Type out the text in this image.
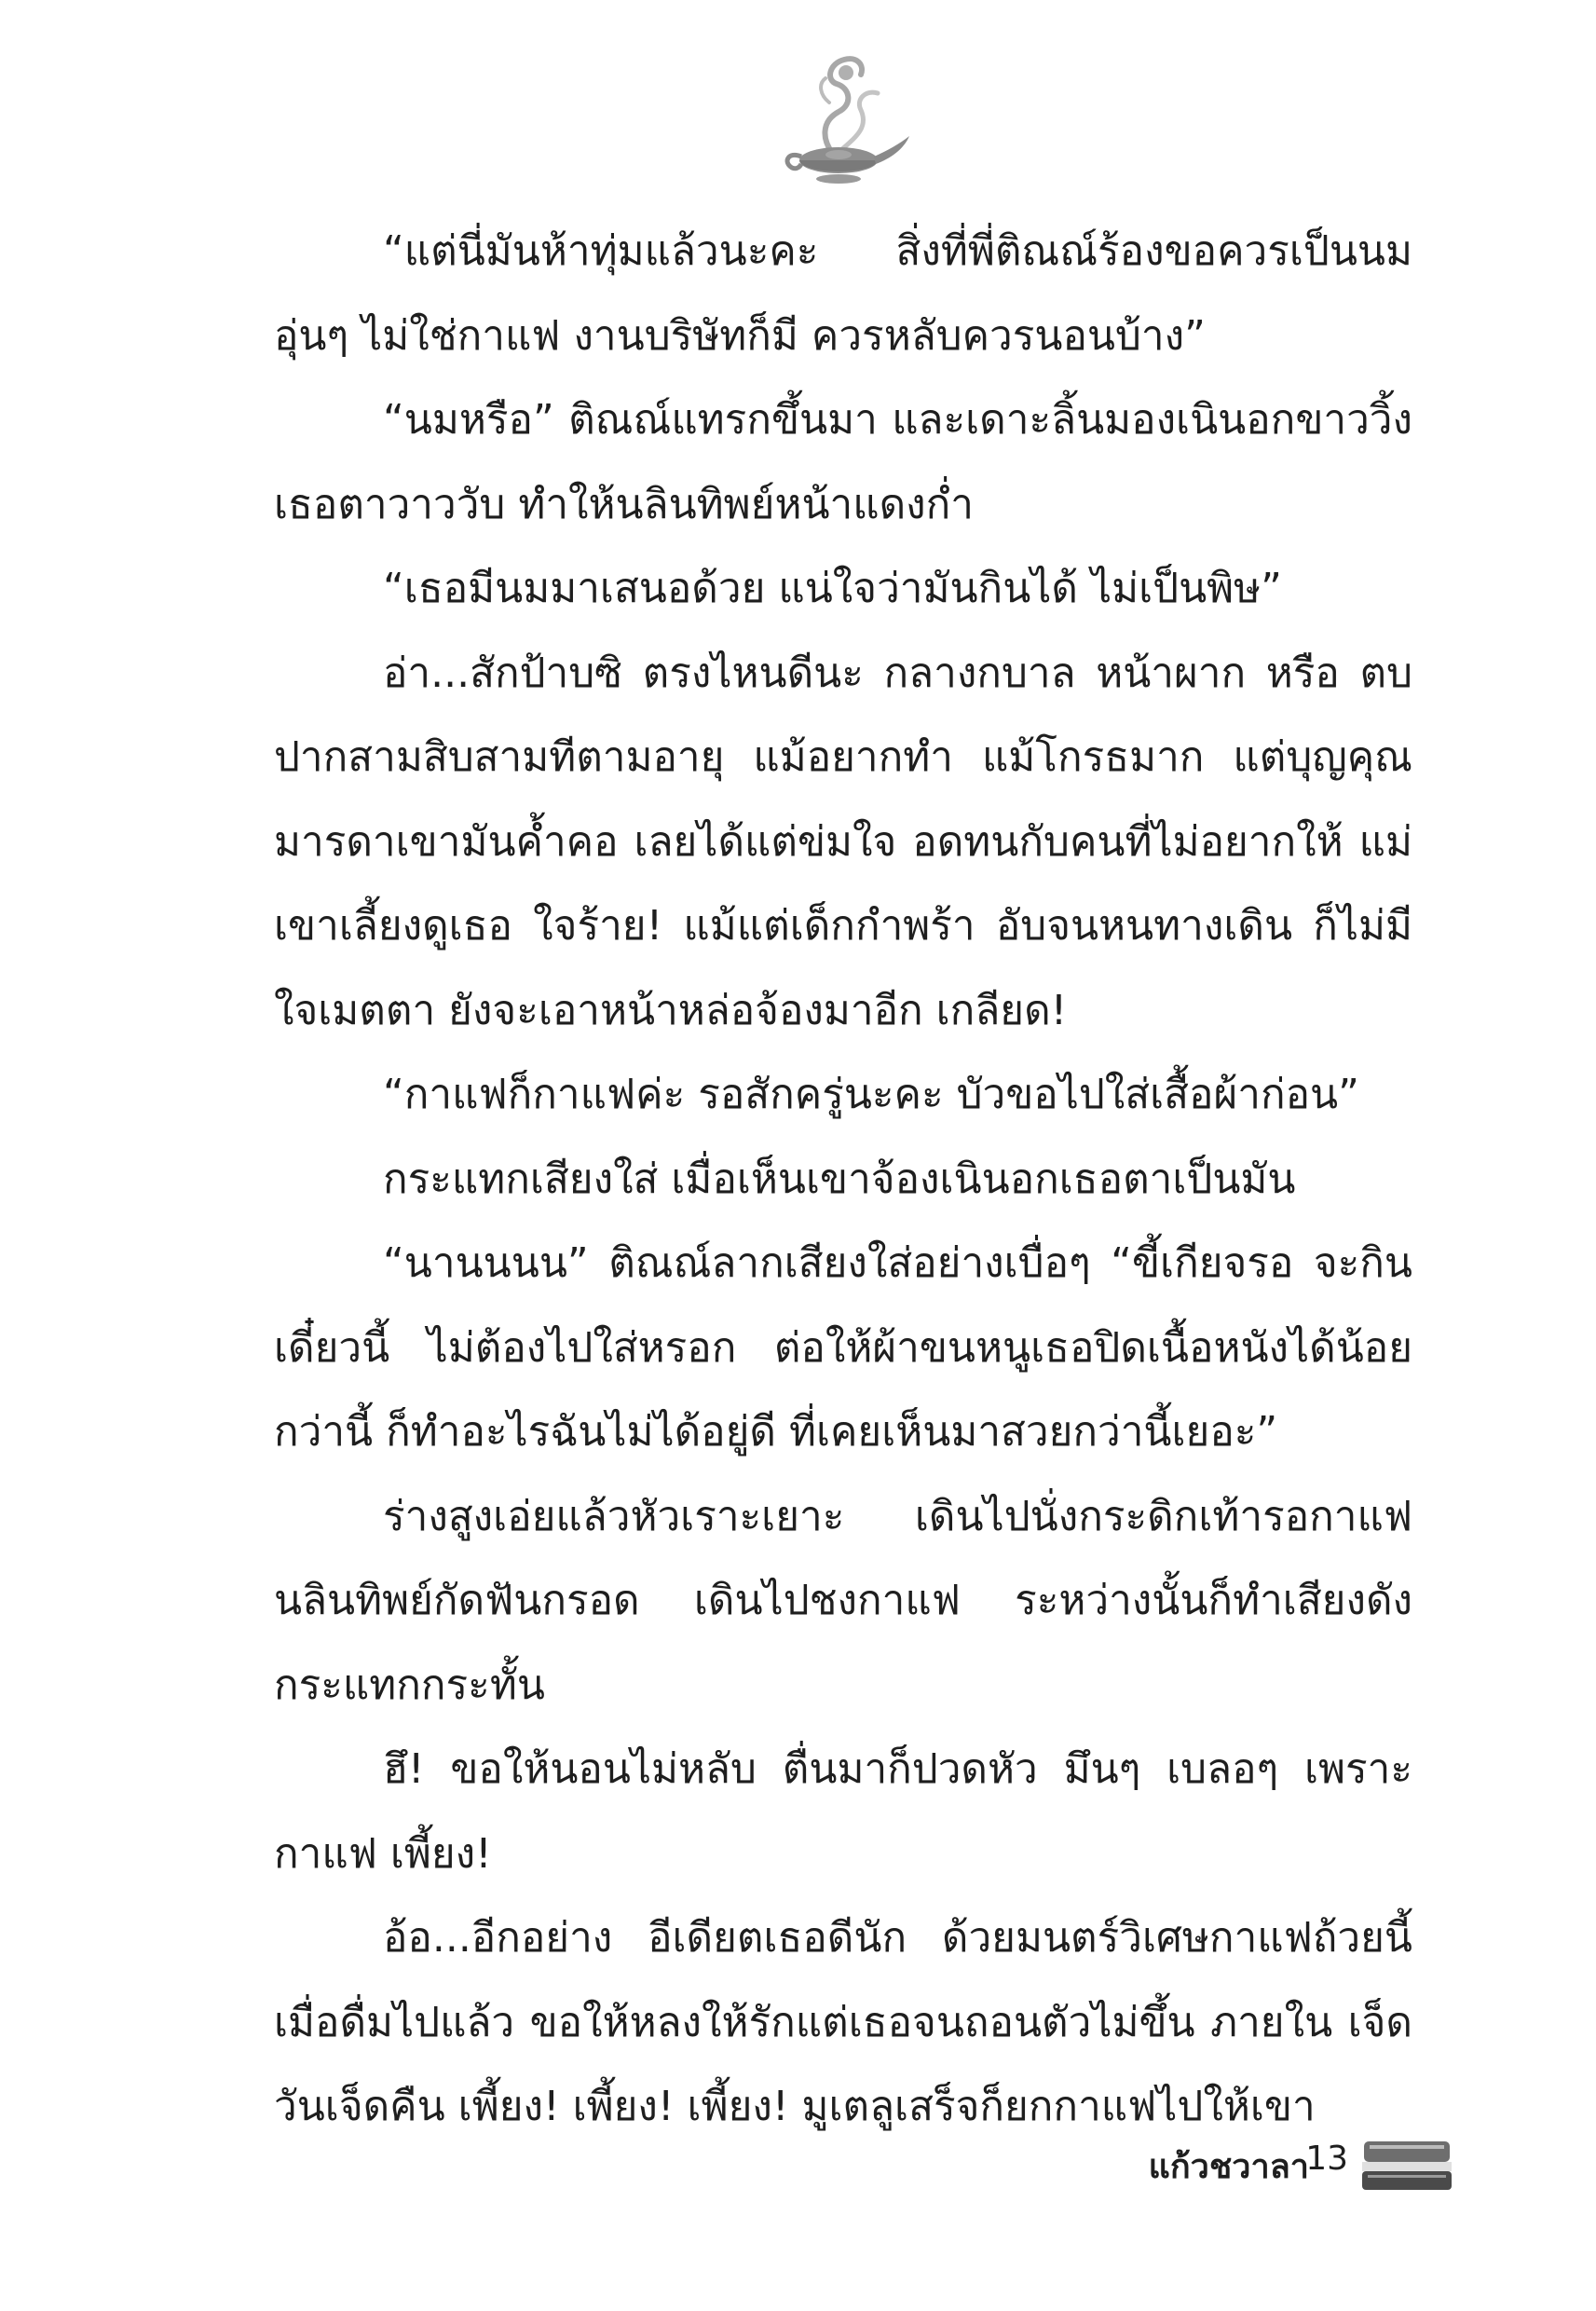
“แต่นี่มันห้าทุ่มแล้วนะคะ สิ่งที่พี่ติณณ์ร้องขอควรเป็นนมอุ่นๆ ไม่ใช่กาแฟ งานบริษัทก็มี ควรหลับควรนอนบ้าง”

“นมหรือ” ติณณ์แทรกขึ้นมา และเดาะลิ้นมองเนินอกขาววิ้ง เธอตาวาววับ ทำให้นลินทิพย์หน้าแดงก่ำ

“เธอมีนมมาเสนอด้วย แน่ใจว่ามันกินได้ ไม่เป็นพิษ”

อ่า...สักป้าบซิ ตรงไหนดีนะ กลางกบาล หน้าผาก หรือ ตบปากสามสิบสามทีตามอายุ แม้อยากทำ แม้โกรธมาก แต่บุญคุณ มารดาเขามันค้ำคอ เลยได้แต่ข่มใจ อดทนกับคนที่ไม่อยากให้ แม่เขาเลี้ยงดูเธอ ใจร้าย! แม้แต่เด็กกำพร้า อับจนหนทางเดิน ก็ไม่มีใจเมตตา ยังจะเอาหน้าหล่อจ้องมาอีก เกลียด!

“กาแฟก็กาแฟค่ะ รอสักครู่นะคะ บัวขอไปใส่เสื้อผ้าก่อน”

กระแทกเสียงใส่ เมื่อเห็นเขาจ้องเนินอกเธอตาเป็นมัน

“นานนนน” ติณณ์ลากเสียงใส่อย่างเบื่อๆ “ขี้เกียจรอ จะกิน เดี๋ยวนี้ ไม่ต้องไปใส่หรอก ต่อให้ผ้าขนหนูเธอปิดเนื้อหนังได้น้อย กว่านี้ ก็ทำอะไรฉันไม่ได้อยู่ดี ที่เคยเห็นมาสวยกว่านี้เยอะ”

ร่างสูงเอ่ยแล้วหัวเราะเยาะ เดินไปนั่งกระดิกเท้ารอกาแฟ นลินทิพย์กัดฟันกรอด เดินไปชงกาแฟ ระหว่างนั้นก็ทำเสียงดัง กระแทกกระทั้น

ฮึ! ขอให้นอนไม่หลับ ตื่นมาก็ปวดหัว มึนๆ เบลอๆ เพราะ กาแฟ เพี้ยง!

อ้อ...อีกอย่าง อีเดียตเธอดีนัก ด้วยมนตร์วิเศษกาแฟถ้วยนี้ เมื่อดื่มไปแล้ว ขอให้หลงให้รักแต่เธอจนถอนตัวไม่ขึ้น ภายใน เจ็ดวันเจ็ดคืน เพี้ยง! เพี้ยง! เพี้ยง! มูเตลูเสร็จก็ยกกาแฟไปให้เขา

แก้วชวาลา
13
